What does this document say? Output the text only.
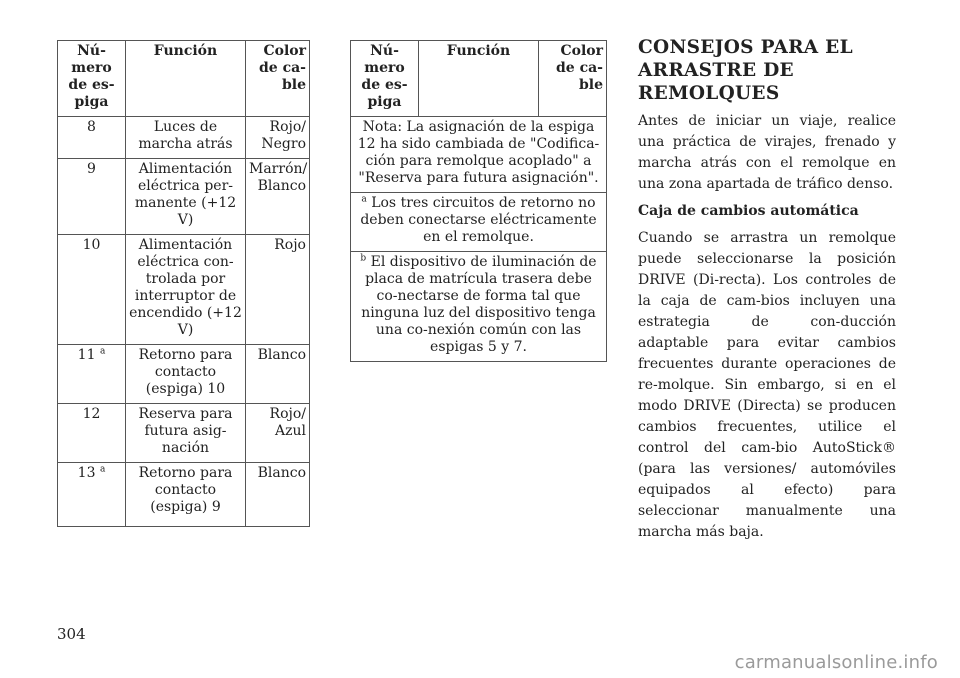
Nú-mero de es-piga	Función	Color de ca-ble
8	Luces de marcha atrás	Rojo/ Negro
9	Alimentación eléctrica per-manente (+12 V)	Marrón/ Blanco
10	Alimentación eléctrica con-trolada por interruptor de encendido (+12 V)	Rojo
11 $^a$	Retorno para contacto (espiga) 10	Blanco
12	Reserva para futura asig-nación	Rojo/ Azul
13 $^a$	Retorno para contacto (espiga) 9	Blanco
Nú-mero de es-piga	Función	Color de ca-ble
Nota: La asignación de la espiga 12 ha sido cambiada de "Codifica-ción para remolque acoplado" a "Reserva para futura asignación".
$^a$ Los tres circuitos de retorno no deben conectarse eléctricamente en el remolque.
$^b$ El dispositivo de iluminación de placa de matrícula trasera debe co-nectarse de forma tal que ninguna luz del dispositivo tenga una co-nexión común con las espigas 5 y 7.
CONSEJOS PARA EL ARRASTRE DE REMOLQUES

Antes de iniciar un viaje, realice una práctica de virajes, frenado y marcha atrás con el remolque en una zona apartada de tráfico denso.

Caja de cambios automática

Cuando se arrastra un remolque puede seleccionarse la posición DRIVE (Di-recta). Los controles de la caja de cam-bios incluyen una estrategia de con-ducción adaptable para evitar cambios frecuentes durante operaciones de re-molque. Sin embargo, si en el modo DRIVE (Directa) se producen cambios frecuentes, utilice el control del cam-bio AutoStick® (para las versiones/ automóviles equipados al efecto) para seleccionar manualmente una marcha más baja.

304
carmanualsonline.info
